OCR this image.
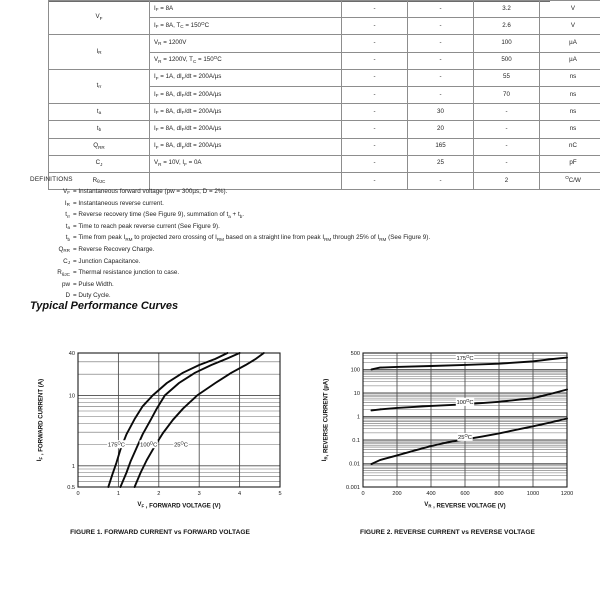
$V_F$	$I_F = 8A$	-	-	3.2	V
	$I_F = 8A$, $T_C = 150^OC$	-	-	2.6	V
$I_R$	$V_R = 1200V$	-	-	100	µA
	$V_R = 1200V$, $T_C = 150^OC$	-	-	500	µA
$t_{rr}$	$I_F = 1A$, $dI_F/dt = 200A/\mu s$	-	-	55	ns
	$I_F = 8A$, $dI_F/dt = 200A/\mu s$	-	-	70	ns
$t_a$	$I_F = 8A$, $dI_F/dt = 200A/\mu s$	-	30	-	ns
$t_b$	$I_F = 8A$, $dI_F/dt = 200A/\mu s$	-	20	-	ns
$Q_{RR}$	$I_F = 8A$, $dI_F/dt = 200A/\mu s$	-	165	-	nC
$C_J$	$V_R = 10V$, $I_F = 0A$	-	25	-	pF
$R_{\theta JC}$		-	-	2	$^O$C/W
DEFINITIONS
$V_F$ = Instantaneous forward voltage (pw = 300µs, D = 2%).
$I_R$ = Instantaneous reverse current.
$t_{rr}$ = Reverse recovery time (See Figure 9), summation of $t_a + t_b$.
$t_a$ = Time to reach peak reverse current (See Figure 9).
$t_b$ = Time from peak $I_{RM}$ to projected zero crossing of $I_{RM}$ based on a straight line from peak $I_{RM}$ through 25% of $I_{RM}$ (See Figure 9).
$Q_{RR}$ = Reverse Recovery Charge.
$C_J$ = Junction Capacitance.
$R_{\theta JC}$ = Thermal resistance junction to case.
pw = Pulse Width.
D = Duty Cycle.
Typical Performance Curves
0.5
1
10
40
0	1	2	3	4	5
$175^OC$	$100^OC$	$25^OC$
$V_F$ , FORWARD VOLTAGE (V)
$I_F$ , FORWARD CURRENT (A)
FIGURE 1. FORWARD CURRENT vs FORWARD VOLTAGE
0.001
0.01
0.1
1
10
100
500
0	200	400	600	800	1000	1200
$175^OC$
$100^OC$
$25^OC$
$V_R$ , REVERSE VOLTAGE (V)
$I_R$, REVERSE CURRENT (µA)
FIGURE 2. REVERSE CURRENT vs REVERSE VOLTAGE
